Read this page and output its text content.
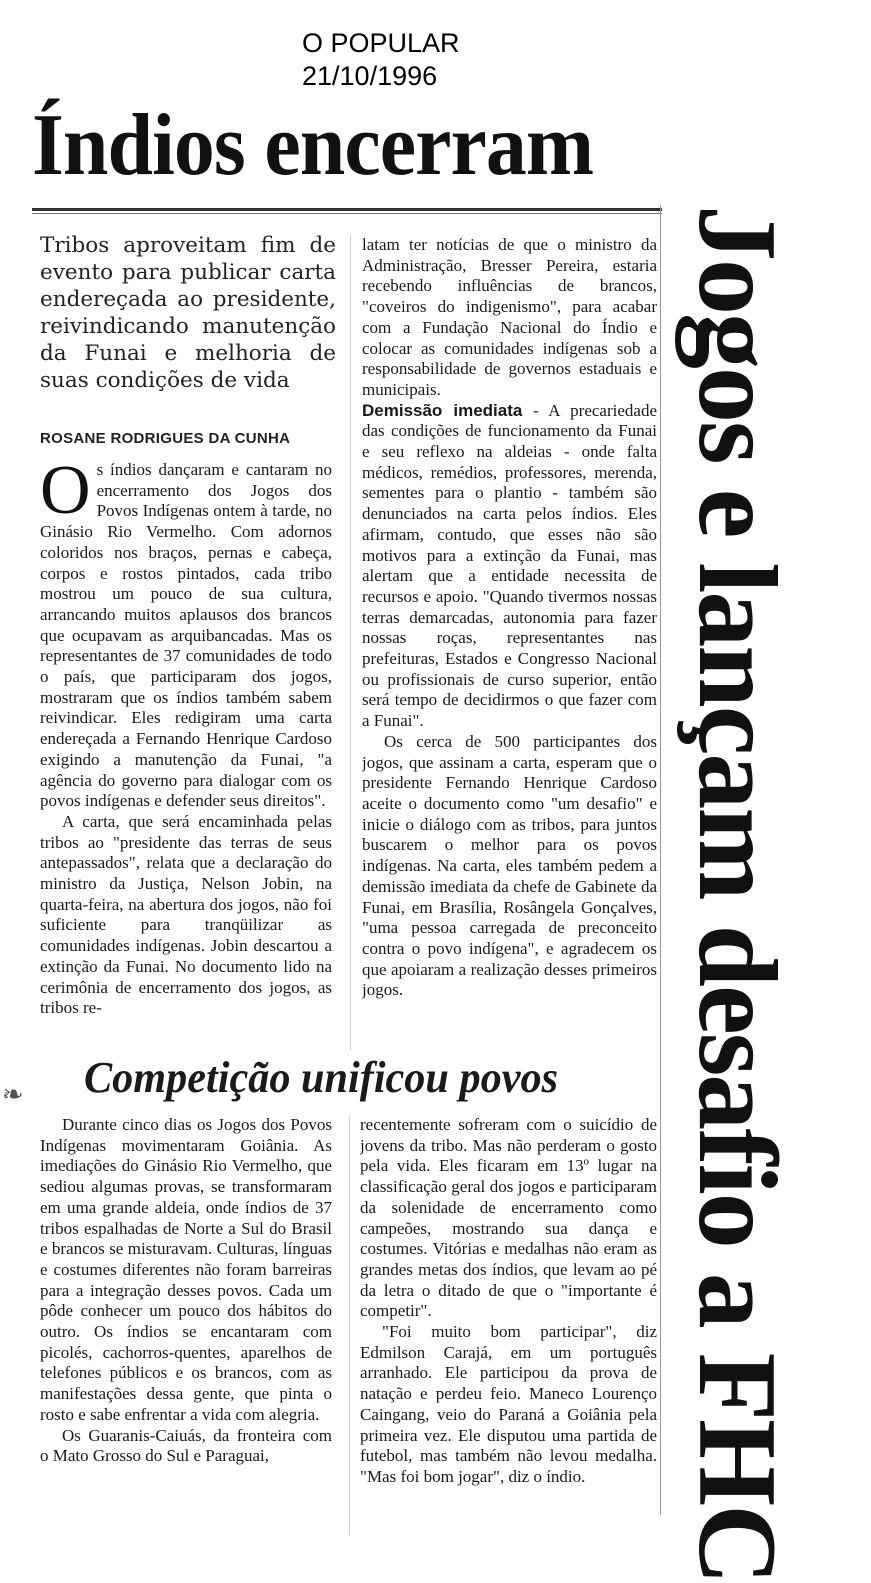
O POPULAR
21/10/1996
Índios encerram
Jogos e lançam desafio a FHC
Tribos aproveitam fim de evento para publicar carta endereçada ao presidente, reivindicando manutenção da Funai e melhoria de suas condições de vida
ROSANE RODRIGUES DA CUNHA

Os índios dançaram e cantaram no encerramento dos Jogos dos Povos Indígenas ontem à tarde, no Ginásio Rio Vermelho. Com adornos coloridos nos braços, pernas e cabeça, corpos e rostos pintados, cada tribo mostrou um pouco de sua cultura, arrancando muitos aplausos dos brancos que ocupavam as arquibancadas. Mas os representantes de 37 comunidades de todo o país, que participaram dos jogos, mostraram que os índios também sabem reivindicar. Eles redigiram uma carta endereçada a Fernando Henrique Cardoso exigindo a manutenção da Funai, "a agência do governo para dialogar com os povos indígenas e defender seus direitos".

A carta, que será encaminhada pelas tribos ao "presidente das terras de seus antepassados", relata que a declaração do ministro da Justiça, Nelson Jobin, na quarta-feira, na abertura dos jogos, não foi suficiente para tranqüilizar as comunidades indígenas. Jobin descartou a extinção da Funai. No documento lido na cerimônia de encerramento dos jogos, as tribos re-

latam ter notícias de que o ministro da Administração, Bresser Pereira, estaria recebendo influências de brancos, "coveiros do indigenismo", para acabar com a Fundação Nacional do Índio e colocar as comunidades indígenas sob a responsabilidade de governos estaduais e municipais.

Demissão imediata - A precariedade das condições de funcionamento da Funai e seu reflexo na aldeias - onde falta médicos, remédios, professores, merenda, sementes para o plantio - também são denunciados na carta pelos índios. Eles afirmam, contudo, que esses não são motivos para a extinção da Funai, mas alertam que a entidade necessita de recursos e apoio. "Quando tivermos nossas terras demarcadas, autonomia para fazer nossas roças, representantes nas prefeituras, Estados e Congresso Nacional ou profissionais de curso superior, então será tempo de decidirmos o que fazer com a Funai".

Os cerca de 500 participantes dos jogos, que assinam a carta, esperam que o presidente Fernando Henrique Cardoso aceite o documento como "um desafio" e inicie o diálogo com as tribos, para juntos buscarem o melhor para os povos indígenas. Na carta, eles também pedem a demissão imediata da chefe de Gabinete da Funai, em Brasília, Rosângela Gonçalves, "uma pessoa carregada de preconceito contra o povo indígena", e agradecem os que apoiaram a realização desses primeiros jogos.

❧ Competição unificou povos

Durante cinco dias os Jogos dos Povos Indígenas movimentaram Goiânia. As imediações do Ginásio Rio Vermelho, que sediou algumas provas, se transformaram em uma grande aldeia, onde índios de 37 tribos espalhadas de Norte a Sul do Brasil e brancos se misturavam. Culturas, línguas e costumes diferentes não foram barreiras para a integração desses povos. Cada um pôde conhecer um pouco dos hábitos do outro. Os índios se encantaram com picolés, cachorros-quentes, aparelhos de telefones públicos e os brancos, com as manifestações dessa gente, que pinta o rosto e sabe enfrentar a vida com alegria.

Os Guaranis-Caiuás, da fronteira com o Mato Grosso do Sul e Paraguai,

recentemente sofreram com o suicídio de jovens da tribo. Mas não perderam o gosto pela vida. Eles ficaram em 13º lugar na classificação geral dos jogos e participaram da solenidade de encerramento como campeões, mostrando sua dança e costumes. Vitórias e medalhas não eram as grandes metas dos índios, que levam ao pé da letra o ditado de que o "importante é competir".

"Foi muito bom participar", diz Edmilson Carajá, em um português arranhado. Ele participou da prova de natação e perdeu feio. Maneco Lourenço Caingang, veio do Paraná a Goiânia pela primeira vez. Ele disputou uma partida de futebol, mas também não levou medalha. "Mas foi bom jogar", diz o índio.
